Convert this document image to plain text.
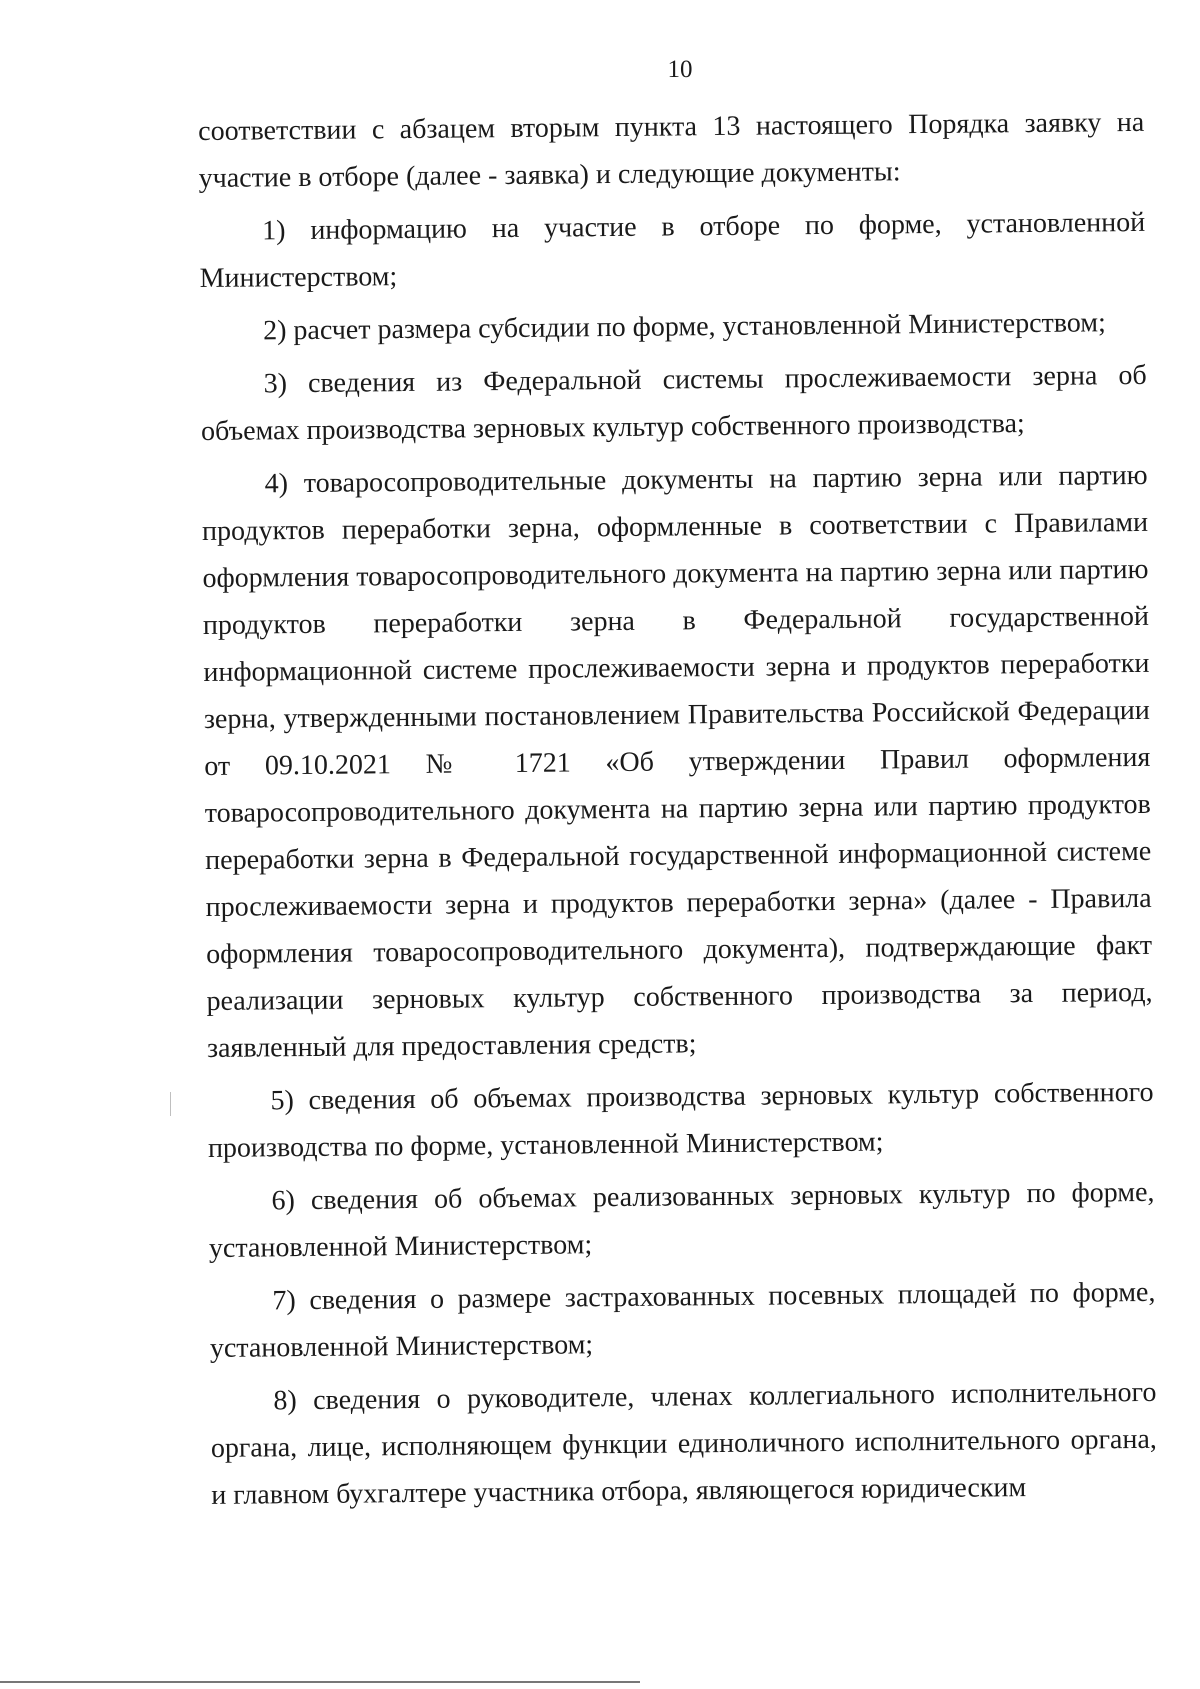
10

соответствии с абзацем вторым пункта 13 настоящего Порядка заявку на участие в отборе (далее - заявка) и следующие документы:

1) информацию на участие в отборе по форме, установленной Министерством;

2) расчет размера субсидии по форме, установленной Министерством;

3) сведения из Федеральной системы прослеживаемости зерна об объемах производства зерновых культур собственного производства;

4) товаросопроводительные документы на партию зерна или партию продуктов переработки зерна, оформленные в соответствии с Правилами оформления товаросопроводительного документа на партию зерна или партию продуктов переработки зерна в Федеральной государственной информационной системе прослеживаемости зерна и продуктов переработки зерна, утвержденными постановлением Правительства Российской Федерации от 09.10.2021 № 1721 «Об утверждении Правил оформления товаросопроводительного документа на партию зерна или партию продуктов переработки зерна в Федеральной государственной информационной системе прослеживаемости зерна и продуктов переработки зерна» (далее - Правила оформления товаросопроводительного документа), подтверждающие факт реализации зерновых культур собственного производства за период, заявленный для предоставления средств;

5) сведения об объемах производства зерновых культур собственного производства по форме, установленной Министерством;

6) сведения об объемах реализованных зерновых культур по форме, установленной Министерством;

7) сведения о размере застрахованных посевных площадей по форме, установленной Министерством;

8) сведения о руководителе, членах коллегиального исполнительного органа, лице, исполняющем функции единоличного исполнительного органа, и главном бухгалтере участника отбора, являющегося юридическим
